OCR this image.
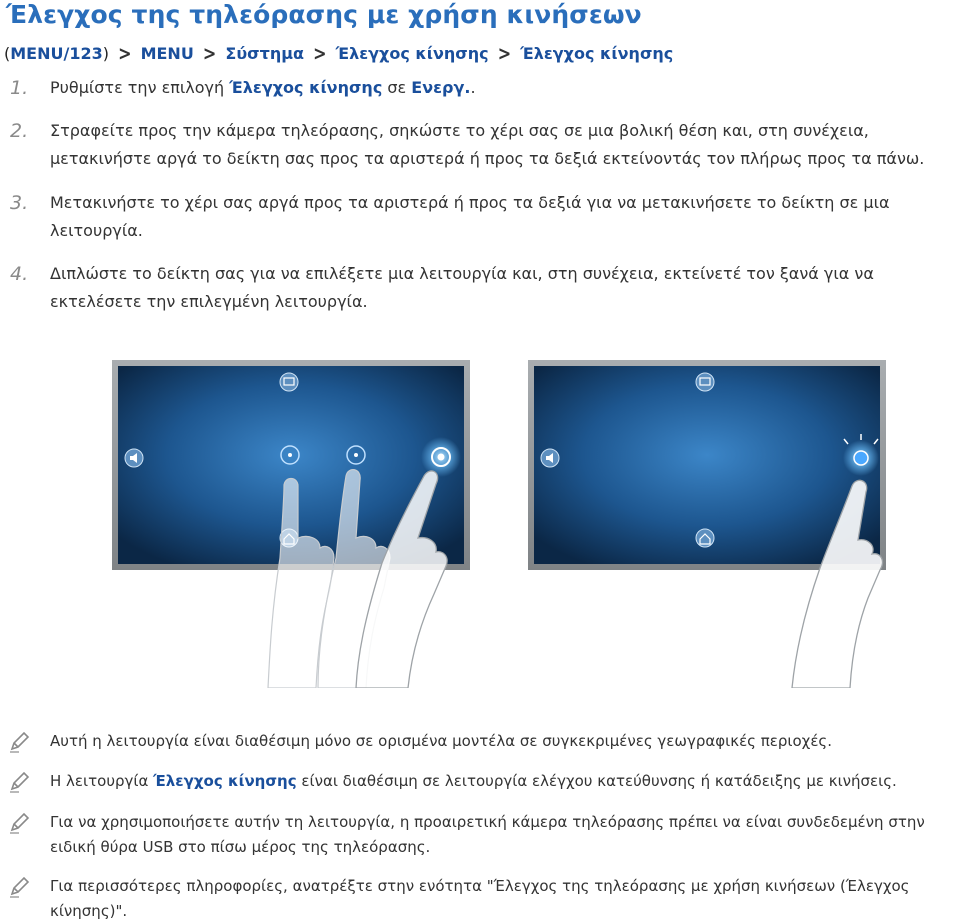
Έλεγχος της τηλεόρασης με χρήση κινήσεων
(MENU/123) > MENU > Σύστημα > Έλεγχος κίνησης > Έλεγχος κίνησης
1.	Ρυθμίστε την επιλογή Έλεγχος κίνησης σε Ενεργ..
2.	Στραφείτε προς την κάμερα τηλεόρασης, σηκώστε το χέρι σας σε μια βολική θέση και, στη συνέχεια,
μετακινήστε αργά το δείκτη σας προς τα αριστερά ή προς τα δεξιά εκτείνοντάς τον πλήρως προς τα πάνω.
3.	Μετακινήστε το χέρι σας αργά προς τα αριστερά ή προς τα δεξιά για να μετακινήσετε το δείκτη σε μια
λειτουργία.
4.	Διπλώστε το δείκτη σας για να επιλέξετε μια λειτουργία και, στη συνέχεια, εκτείνετέ τον ξανά για να
εκτελέσετε την επιλεγμένη λειτουργία.
Αυτή η λειτουργία είναι διαθέσιμη μόνο σε ορισμένα μοντέλα σε συγκεκριμένες γεωγραφικές περιοχές.
Η λειτουργία Έλεγχος κίνησης είναι διαθέσιμη σε λειτουργία ελέγχου κατεύθυνσης ή κατάδειξης με κινήσεις.
Για να χρησιμοποιήσετε αυτήν τη λειτουργία, η προαιρετική κάμερα τηλεόρασης πρέπει να είναι συνδεδεμένη στην
ειδική θύρα USB στο πίσω μέρος της τηλεόρασης.
Για περισσότερες πληροφορίες, ανατρέξτε στην ενότητα "Έλεγχος της τηλεόρασης με χρήση κινήσεων (Έλεγχος
κίνησης)".
